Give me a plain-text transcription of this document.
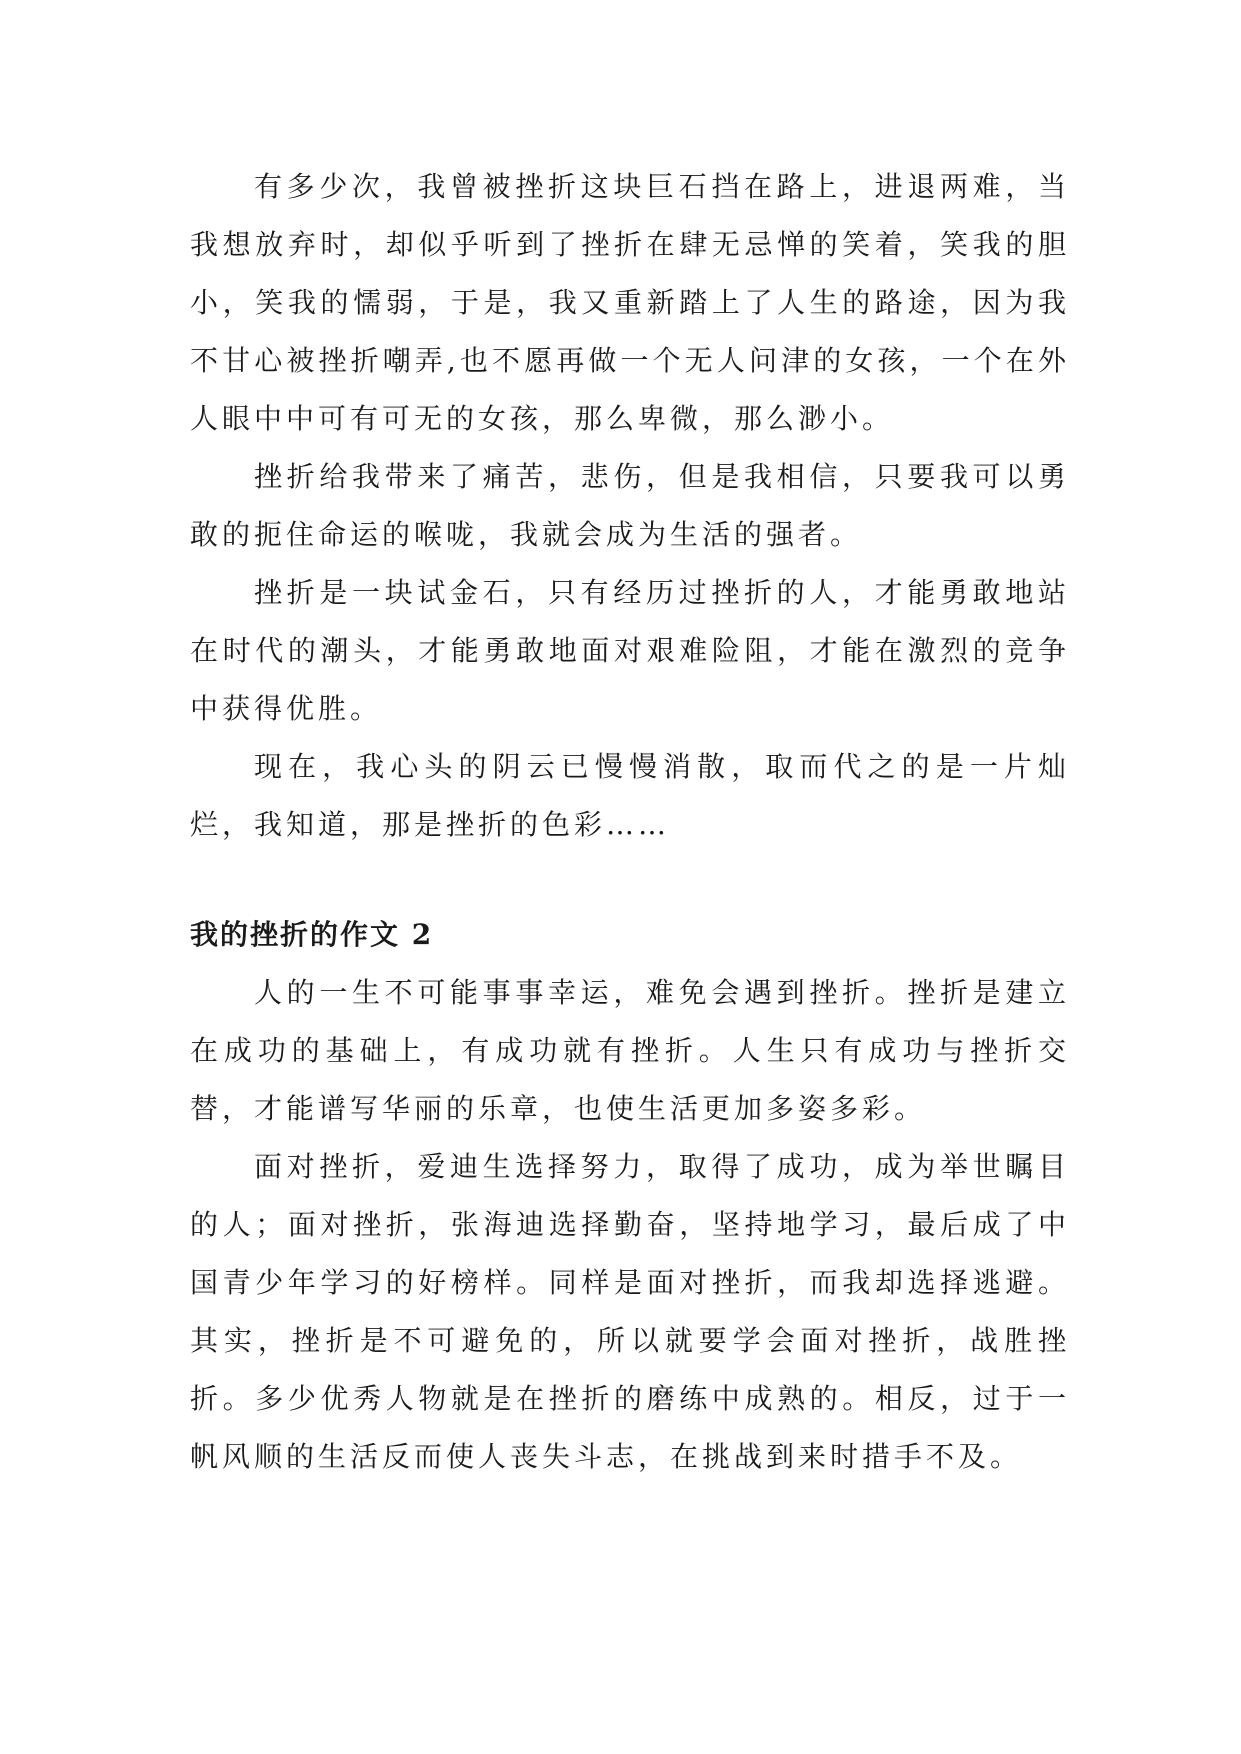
有多少次，我曾被挫折这块巨石挡在路上，进退两难，当我想放弃时，却似乎听到了挫折在肆无忌惮的笑着，笑我的胆小，笑我的懦弱，于是，我又重新踏上了人生的路途，因为我不甘心被挫折嘲弄,也不愿再做一个无人问津的女孩，一个在外人眼中中可有可无的女孩，那么卑微，那么渺小。

挫折给我带来了痛苦，悲伤，但是我相信，只要我可以勇敢的扼住命运的喉咙，我就会成为生活的强者。

挫折是一块试金石，只有经历过挫折的人，才能勇敢地站在时代的潮头，才能勇敢地面对艰难险阻，才能在激烈的竞争中获得优胜。

现在，我心头的阴云已慢慢消散，取而代之的是一片灿烂，我知道，那是挫折的色彩……

我的挫折的作文 2

人的一生不可能事事幸运，难免会遇到挫折。挫折是建立在成功的基础上，有成功就有挫折。人生只有成功与挫折交替，才能谱写华丽的乐章，也使生活更加多姿多彩。

面对挫折，爱迪生选择努力，取得了成功，成为举世瞩目的人；面对挫折，张海迪选择勤奋，坚持地学习，最后成了中国青少年学习的好榜样。同样是面对挫折，而我却选择逃避。其实，挫折是不可避免的，所以就要学会面对挫折，战胜挫折。多少优秀人物就是在挫折的磨练中成熟的。相反，过于一帆风顺的生活反而使人丧失斗志，在挑战到来时措手不及。
